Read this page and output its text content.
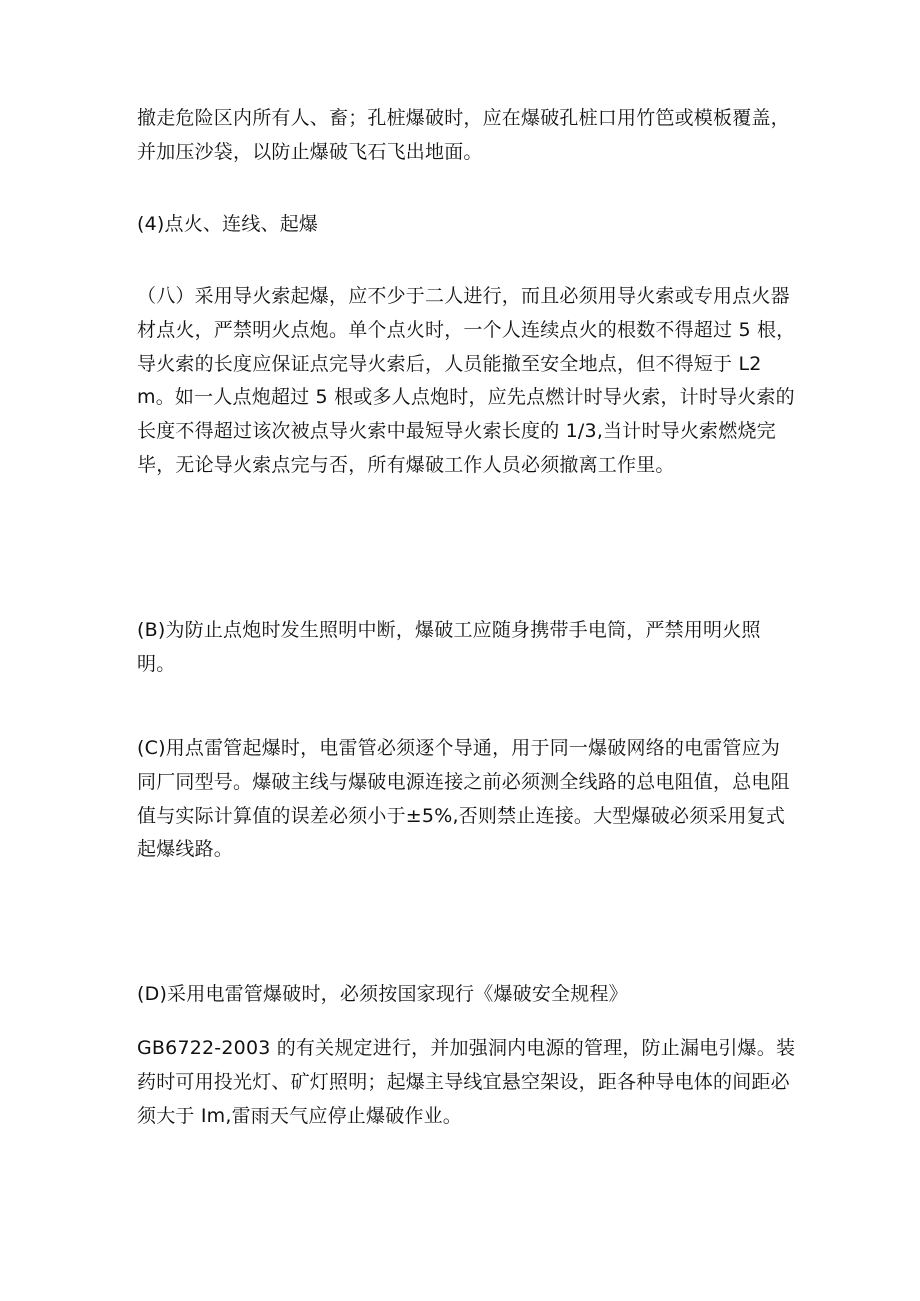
撤走危险区内所有人、畜；孔桩爆破时，应在爆破孔桩口用竹笆或模板覆盖，并加压沙袋，以防止爆破飞石飞出地面。

(4)点火、连线、起爆

（八）采用导火索起爆，应不少于二人进行，而且必须用导火索或专用点火器材点火，严禁明火点炮。单个点火时，一个人连续点火的根数不得超过 5 根，导火索的长度应保证点完导火索后，人员能撤至安全地点，但不得短于 L2m。如一人点炮超过 5 根或多人点炮时，应先点燃计时导火索，计时导火索的长度不得超过该次被点导火索中最短导火索长度的 1/3,当计时导火索燃烧完毕，无论导火索点完与否，所有爆破工作人员必须撤离工作里。

(B)为防止点炮时发生照明中断，爆破工应随身携带手电筒，严禁用明火照明。

(C)用点雷管起爆时，电雷管必须逐个导通，用于同一爆破网络的电雷管应为同厂同型号。爆破主线与爆破电源连接之前必须测全线路的总电阻值，总电阻值与实际计算值的误差必须小于±5%,否则禁止连接。大型爆破必须采用复式起爆线路。

(D)采用电雷管爆破时，必须按国家现行《爆破安全规程》

GB6722-2003 的有关规定进行，并加强洞内电源的管理，防止漏电引爆。装药时可用投光灯、矿灯照明；起爆主导线宜悬空架设，距各种导电体的间距必须大于 Im,雷雨天气应停止爆破作业。
